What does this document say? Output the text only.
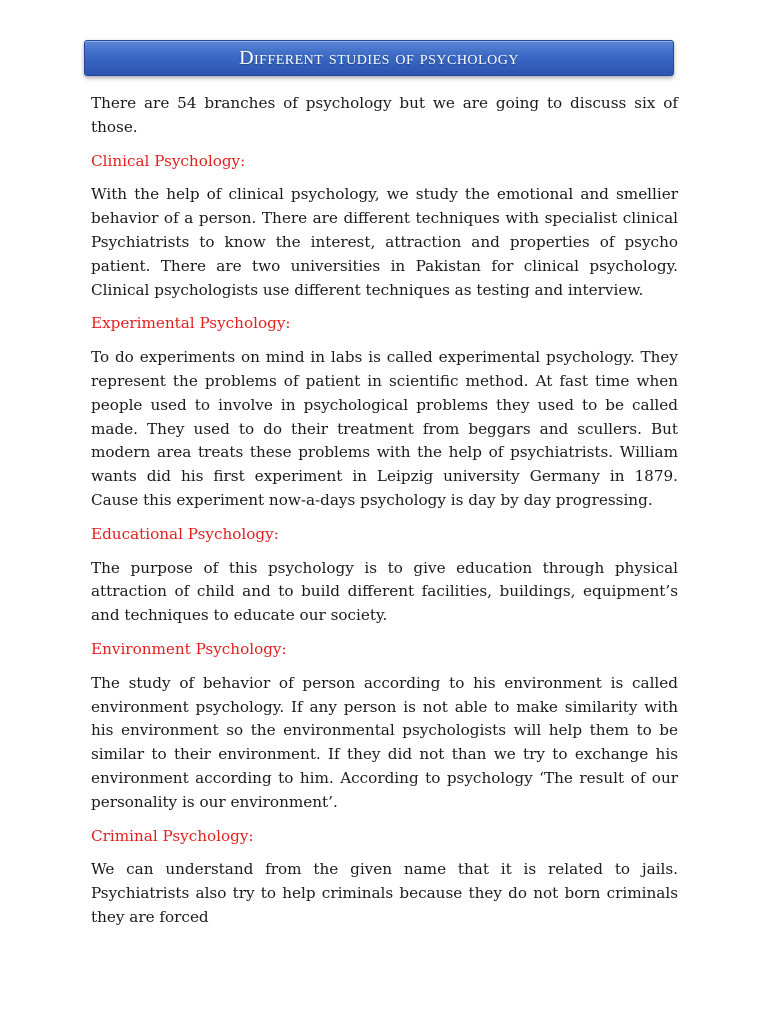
Different studies of psychology

There are 54 branches of psychology but we are going to discuss six of those.

Clinical Psychology:

With the help of clinical psychology, we study the emotional and smellier behavior of a person. There are different techniques with specialist clinical Psychiatrists to know the interest, attraction and properties of psycho patient. There are two universities in Pakistan for clinical psychology. Clinical psychologists use different techniques as testing and interview.

Experimental Psychology:

To do experiments on mind in labs is called experimental psychology. They represent the problems of patient in scientific method. At fast time when people used to involve in psychological problems they used to be called made. They used to do their treatment from beggars and scullers. But modern area treats these problems with the help of psychiatrists. William wants did his first experiment in Leipzig university Germany in 1879. Cause this experiment now-a-days psychology is day by day progressing.

Educational Psychology:

The purpose of this psychology is to give education through physical attraction of child and to build different facilities, buildings, equipment’s and techniques to educate our society.

Environment Psychology:

The study of behavior of person according to his environment is called environment psychology. If any person is not able to make similarity with his environment so the environmental psychologists will help them to be similar to their environment. If they did not than we try to exchange his environment according to him. According to psychology ‘The result of our personality is our environment’.

Criminal Psychology:

We can understand from the given name that it is related to jails. Psychiatrists also try to help criminals because they do not born criminals they are forced
